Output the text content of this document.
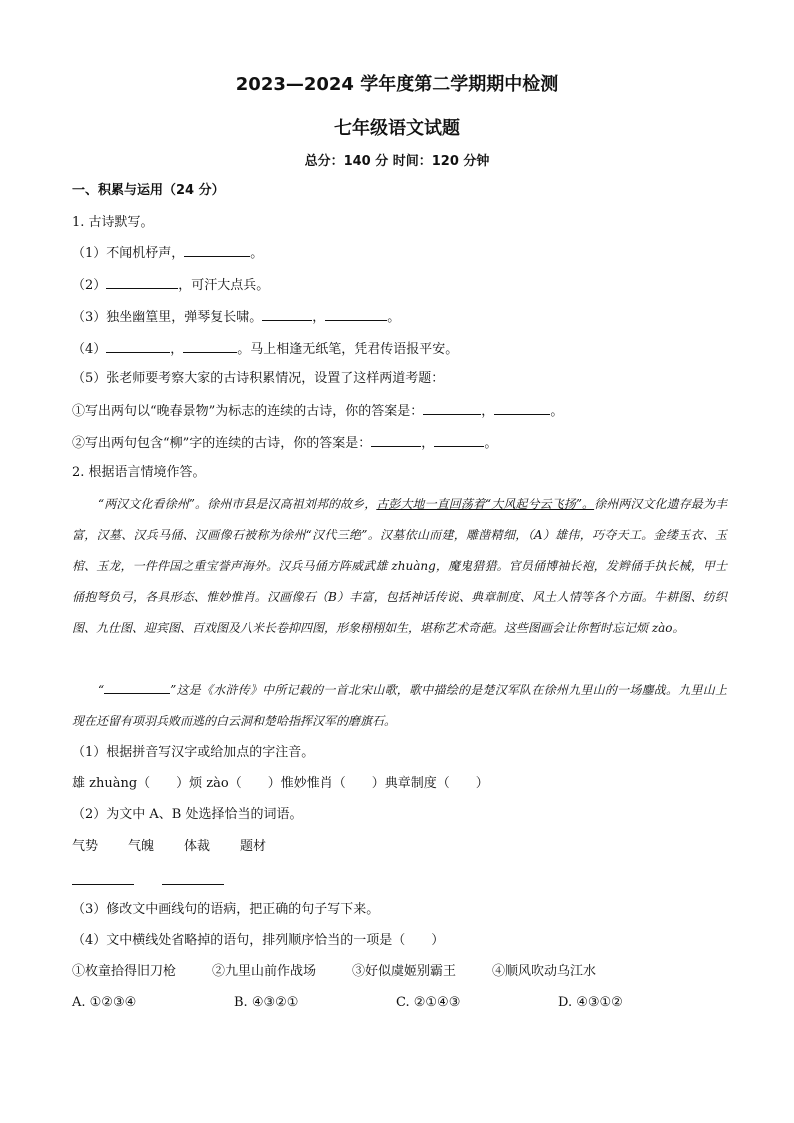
2023—2024 学年度第二学期期中检测
七年级语文试题
总分：140 分 时间：120 分钟
一、积累与运用（24 分）
1. 古诗默写。
（1）不闻机杼声，	。
（2）	，可汗大点兵。
（3）独坐幽篁里，弹琴复长啸。	，	。
（4）	，	。马上相逢无纸笔，凭君传语报平安。
（5）张老师要考察大家的古诗积累情况，设置了这样两道考题：
①写出两句以“晚春景物”为标志的连续的古诗，你的答案是：	，	。
②写出两句包含“柳”字的连续的古诗，你的答案是：	，	。
2. 根据语言情境作答。
“两汉文化看徐州”。徐州市县是汉高祖刘邦的故乡，古彭大地一直回荡着“大风起兮云飞扬”。徐州两汉文化遗存最为丰富，汉墓、汉兵马俑、汉画像石被称为徐州“汉代三绝”。汉墓依山而建，雕凿精细，（A）雄伟，巧夺天工。金缕玉衣、玉棺、玉龙，一件件国之重宝誉声海外。汉兵马俑方阵威武雄 zhuàng，魔鬼猎猎。官员俑博袖长袍，发辫俑手执长械，甲士俑抱弩负弓，各具形态、惟妙惟肖。汉画像石（B）丰富，包括神话传说、典章制度、风土人情等各个方面。牛耕图、纺织图、九仕图、迎宾图、百戏图及八米长卷抑四图，形象栩栩如生，堪称艺术奇葩。这些图画会让你暂时忘记烦 zào。
“	”这是《水浒传》中所记载的一首北宋山歌，歌中描绘的是楚汉军队在徐州九里山的一场鏖战。九里山上现在还留有项羽兵败而逃的白云洞和楚哈指挥汉军的磨旗石。
（1）根据拼音写汉字或给加点的字注音。
雄 zhuàng（　　）烦 zào（　　）惟妙惟肖（　　）典章制度（　　）
（2）为文中 A、B 处选择恰当的词语。
气势 气魄 体裁 题材
（3）修改文中画线句的语病，把正确的句子写下来。
（4）文中横线处省略掉的语句，排列顺序恰当的一项是（　　）
①枚童拾得旧刀枪	②九里山前作战场	③好似虞姬别霸王	④顺风吹动乌江水
A. ①②③④	B. ④③②①	C. ②①④③	D. ④③①②
